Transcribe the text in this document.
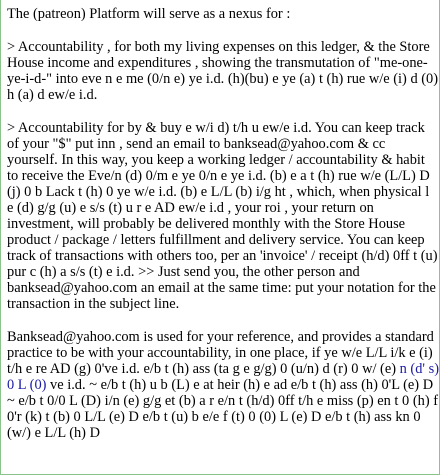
The (patreon) Platform will serve as a nexus for :

> Accountability , for both my living expenses on this ledger, & the Store House income and expenditures , showing the transmutation of "me-one-ye-i-d-" into eve n e me (0/n e) ye i.d. (h)(bu) e ye (a) t (h) rue w/e (i) d (0) h (a) d ew/e i.d.

> Accountability for by & buy e w/i d) t/h u ew/e i.d. You can keep track of your "$" put inn , send an email to banksead@yahoo.com & cc yourself. In this way, you keep a working ledger / accountability & habit to receive the Eve/n (d) 0/m e ye 0/n e ye i.d. (b) e a t (h) rue w/e (L/L) D (j) 0 b Lack t (h) 0 ye w/e i.d. (b) e L/L (b) i/g ht , which, when physical l e (d) g/g (u) e s/s (t) u r e AD ew/e i.d , your roi , your return on investment, will probably be delivered monthly with the Store House product / package / letters fulfillment and delivery service. You can keep track of transactions with others too, per an 'invoice' / receipt (h/d) 0ff t (u) pur c (h) a s/s (t) e i.d. >> Just send you, the other person and banksead@yahoo.com an email at the same time: put your notation for the transaction in the subject line.

Banksead@yahoo.com is used for your reference, and provides a standard practice to be with your accountability, in one place, if ye w/e L/L i/k e (i) t/h e re AD (g) 0've i.d. e/b t (h) ass (ta g e g/g) 0 (u/n) d (r) 0 w/ (e) n (d' s) 0 L (0) ve i.d. ~ e/b t (h) u b (L) e at heir (h) e ad e/b t (h) ass (h) 0'L (e) D ~ e/b t 0/0 L (D) i/n (e) g/g et (b) a r e/n t (h/d) 0ff t/h e miss (p) en t 0 (h) f 0'r (k) t (b) 0 L/L (e) D e/b t (u) b e/e f (t) 0 (0) L (e) D e/b t (h) ass kn 0 (w/) e L/L (h) D
